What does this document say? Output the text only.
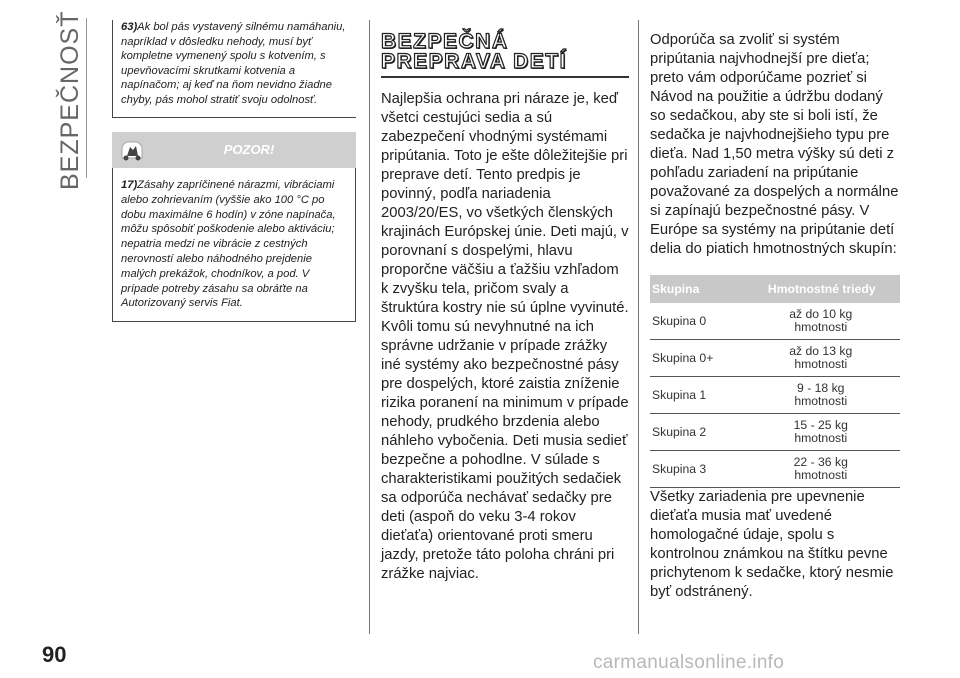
BEZPEČNOSŤ	63)Ak bol pás vystavený silnému namáhaniu, napríklad v dôsledku nehody, musí byť kompletne vymenený spolu s kotvením, s upevňovacími skrutkami kotvenia a napínačom; aj keď na ňom nevidno žiadne chyby, pás mohol stratiť svoju odolnosť.
POZOR!
17)Zásahy zapríčinené nárazmi, vibráciami alebo zohrievaním (vyššie ako 100 °C po dobu maximálne 6 hodín) v zóne napínača, môžu spôsobiť poškodenie alebo aktiváciu; nepatria medzi ne vibrácie z cestných nerovností alebo náhodného prejdenie malých prekážok, chodníkov, a pod. V prípade potreby zásahu sa obráťte na Autorizovaný servis Fiat.
BEZPEČNÁ
PREPRAVA DETÍ
Najlepšia ochrana pri náraze je, keď všetci cestujúci sedia a sú zabezpečení vhodnými systémami pripútania. Toto je ešte dôležitejšie pri preprave detí. Tento predpis je povinný, podľa nariadenia 2003/20/ES, vo všetkých členských krajinách Európskej únie. Deti majú, v porovnaní s dospelými, hlavu proporčne väčšiu a ťažšiu vzhľadom k zvyšku tela, pričom svaly a štruktúra kostry nie sú úplne vyvinuté. Kvôli tomu sú nevyhnutné na ich správne udržanie v prípade zrážky iné systémy ako bezpečnostné pásy pre dospelých, ktoré zaistia zníženie rizika poranení na minimum v prípade nehody, prudkého brzdenia alebo náhleho vybočenia. Deti musia sedieť bezpečne a pohodlne. V súlade s charakteristikami použitých sedačiek sa odporúča nechávať sedačky pre deti (aspoň do veku 3-4 rokov dieťaťa) orientované proti smeru jazdy, pretože táto poloha chráni pri zrážke najviac.
Odporúča sa zvoliť si systém pripútania najvhodnejší pre dieťa; preto vám odporúčame pozrieť si Návod na použitie a údržbu dodaný so sedačkou, aby ste si boli istí, že sedačka je najvhodnejšieho typu pre dieťa. Nad 1,50 metra výšky sú deti z pohľadu zariadení na pripútanie považované za dospelých a normálne si zapínajú bezpečnostné pásy. V Európe sa systémy na pripútanie detí delia do piatich hmotnostných skupín:
Skupina	Hmotnostné triedy
Skupina 0	až do 10 kg
hmotnosti

Skupina 0+	až do 13 kg
hmotnosti

Skupina 1	9 - 18 kg
hmotnosti

Skupina 2	15 - 25 kg
hmotnosti

Skupina 3	22 - 36 kg
hmotnosti
Všetky zariadenia pre upevnenie dieťaťa musia mať uvedené homologačné údaje, spolu s kontrolnou známkou na štítku pevne prichytenom k sedačke, ktorý nesmie byť odstránený.
90	carmanualsonline.info
